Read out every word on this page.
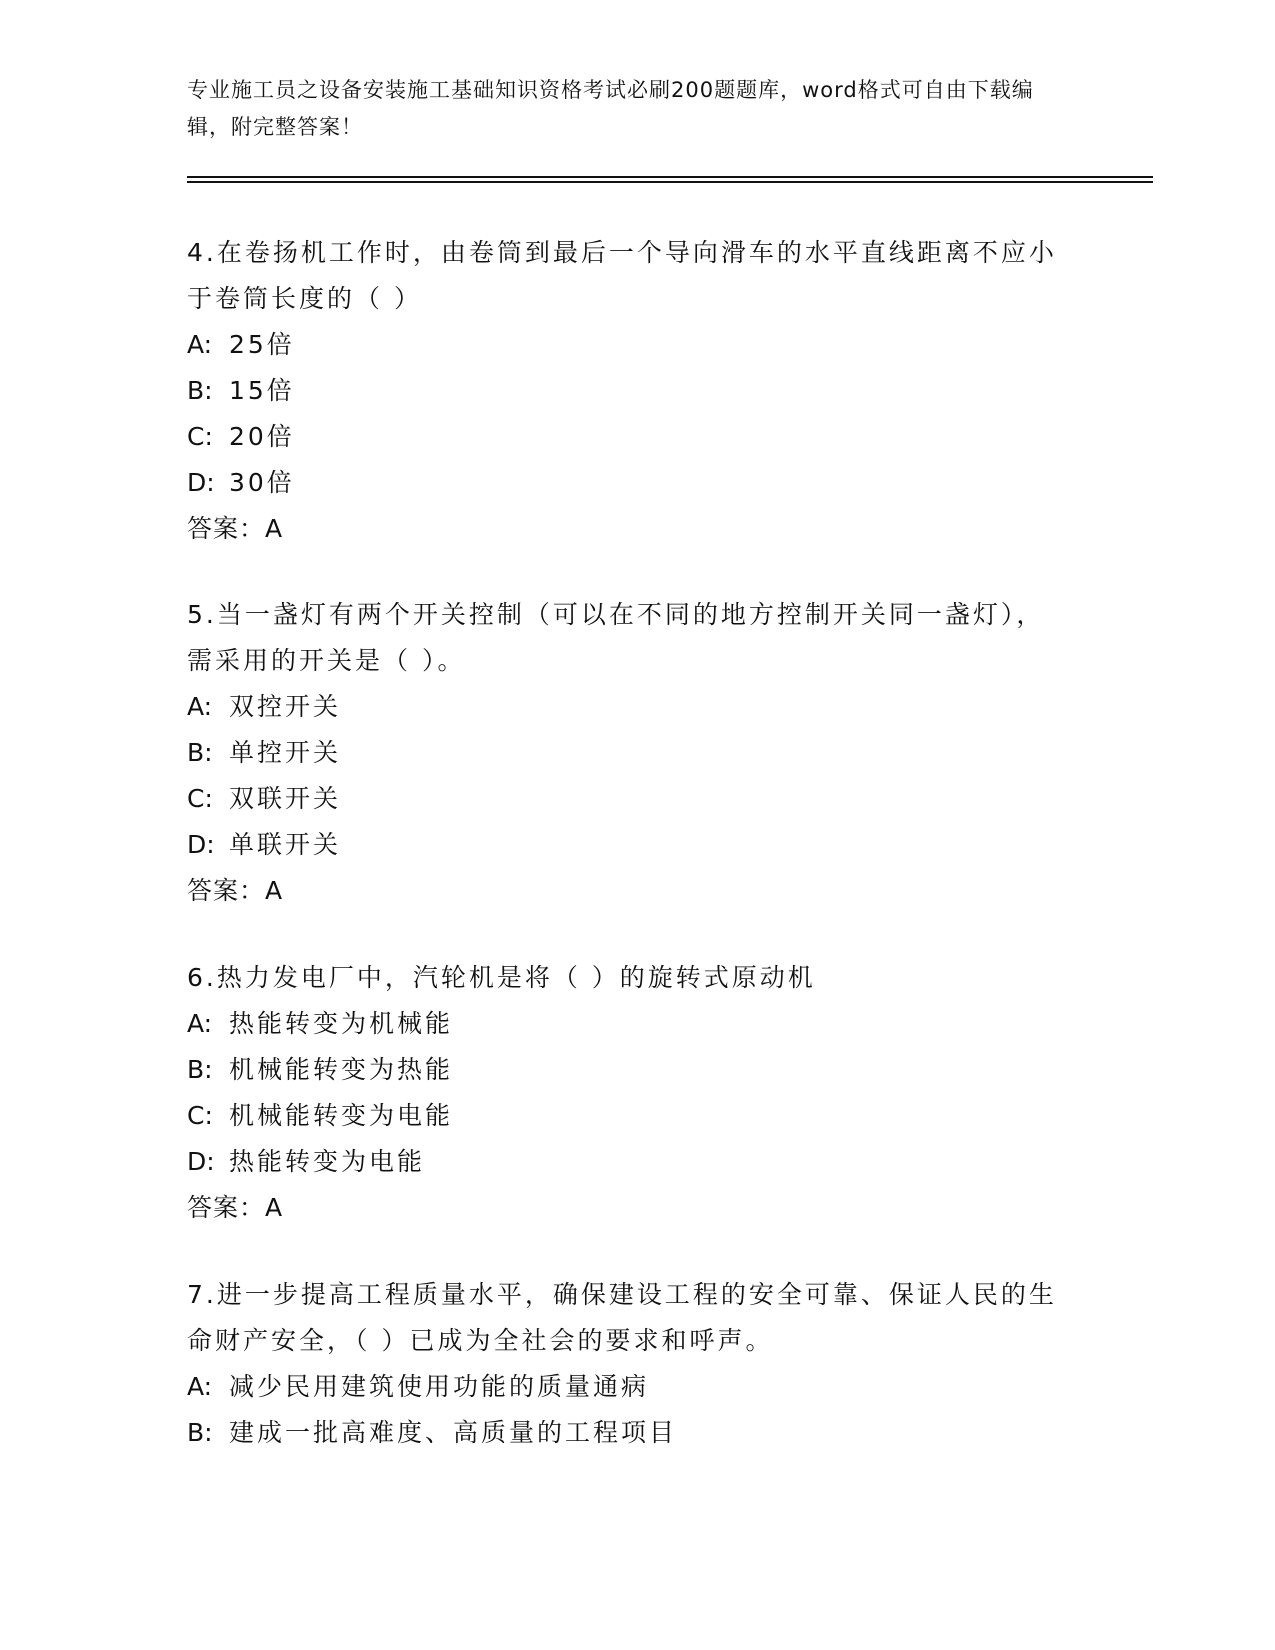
专业施工员之设备安装施工基础知识资格考试必刷200题题库，word格式可自由下载编辑，附完整答案！
4.在卷扬机工作时，由卷筒到最后一个导向滑车的水平直线距离不应小于卷筒长度的（ ）
A: 25倍
B: 15倍
C: 20倍
D: 30倍
答案：A
5.当一盏灯有两个开关控制（可以在不同的地方控制开关同一盏灯），需采用的开关是（ ）。
A: 双控开关
B: 单控开关
C: 双联开关
D: 单联开关
答案：A
6.热力发电厂中，汽轮机是将（ ）的旋转式原动机
A: 热能转变为机械能
B: 机械能转变为热能
C: 机械能转变为电能
D: 热能转变为电能
答案：A
7.进一步提高工程质量水平，确保建设工程的安全可靠、保证人民的生命财产安全，（ ）已成为全社会的要求和呼声。
A: 减少民用建筑使用功能的质量通病
B: 建成一批高难度、高质量的工程项目
